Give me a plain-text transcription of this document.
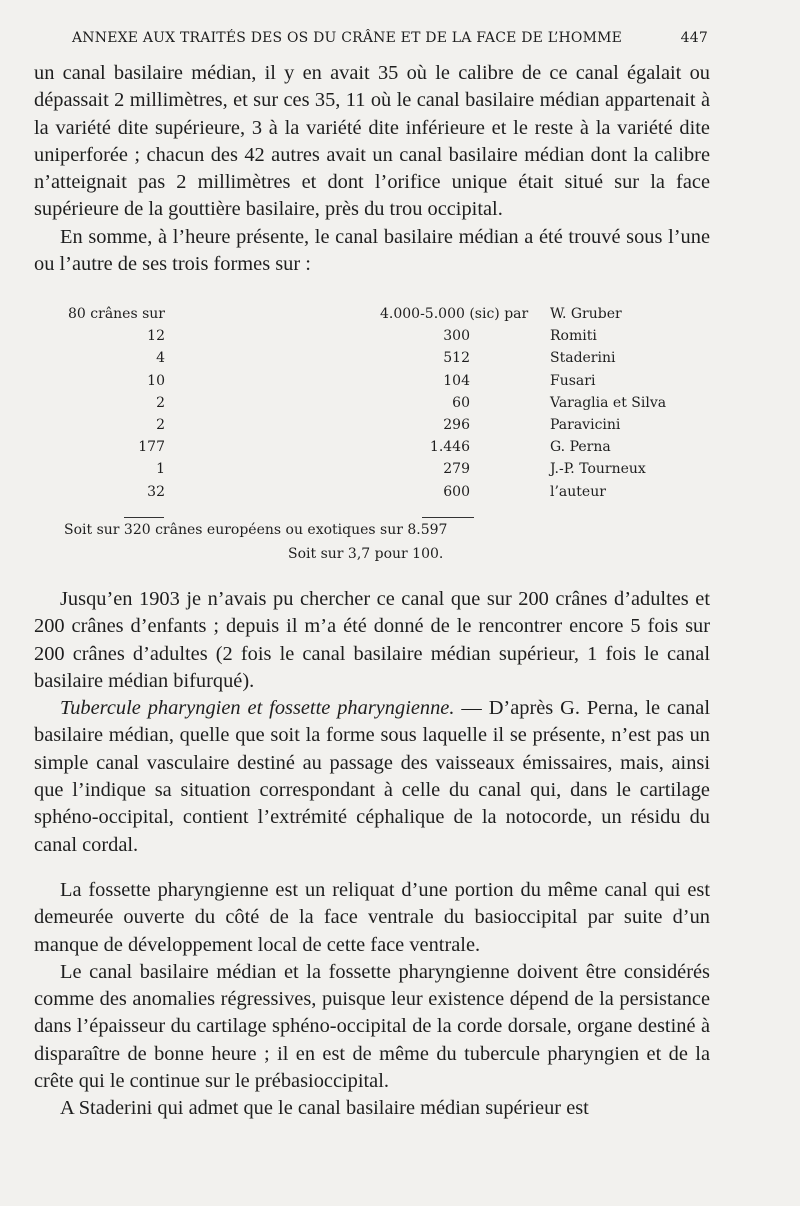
ANNEXE AUX TRAITÉS DES OS DU CRÂNE ET DE LA FACE DE L’HOMME	447

un canal basilaire médian, il y en avait 35 où le calibre de ce canal égalait ou dépassait 2 millimètres, et sur ces 35, 11 où le canal basilaire médian appartenait à la variété dite supérieure, 3 à la variété dite inférieure et le reste à la variété dite uniperforée ; chacun des 42 autres avait un canal basilaire médian dont la calibre n’atteignait pas 2 millimètres et dont l’orifice unique était situé sur la face supérieure de la gouttière basilaire, près du trou occipital.

En somme, à l’heure présente, le canal basilaire médian a été trouvé sous l’une ou l’autre de ses trois formes sur :

80 crânes sur	4.000-5.000 (sic) par W. Gruber
12	300	Romiti
4	512	Staderini
10	104	Fusari
2	60	Varaglia et Silva
2	296	Paravicini
177	1.446	G. Perna
1	279	J.-P. Tourneux
32	600	l’auteur
Soit sur 320 crânes européens ou exotiques sur 8.597
Soit sur 3,7 pour 100.

Jusqu’en 1903 je n’avais pu chercher ce canal que sur 200 crânes d’adultes et 200 crânes d’enfants ; depuis il m’a été donné de le rencontrer encore 5 fois sur 200 crânes d’adultes (2 fois le canal basilaire médian supérieur, 1 fois le canal basilaire médian bifurqué).

Tubercule pharyngien et fossette pharyngienne. — D’après G. Perna, le canal basilaire médian, quelle que soit la forme sous laquelle il se présente, n’est pas un simple canal vasculaire destiné au passage des vaisseaux émissaires, mais, ainsi que l’indique sa situation correspondant à celle du canal qui, dans le cartilage sphéno-occipital, contient l’extrémité céphalique de la notocorde, un résidu du canal cordal.

La fossette pharyngienne est un reliquat d’une portion du même canal qui est demeurée ouverte du côté de la face ventrale du basioccipital par suite d’un manque de développement local de cette face ventrale.

Le canal basilaire médian et la fossette pharyngienne doivent être considérés comme des anomalies régressives, puisque leur existence dépend de la persistance dans l’épaisseur du cartilage sphéno-occipital de la corde dorsale, organe destiné à disparaître de bonne heure ; il en est de même du tubercule pharyngien et de la crête qui le continue sur le prébasioccipital.

A Staderini qui admet que le canal basilaire médian supérieur est
